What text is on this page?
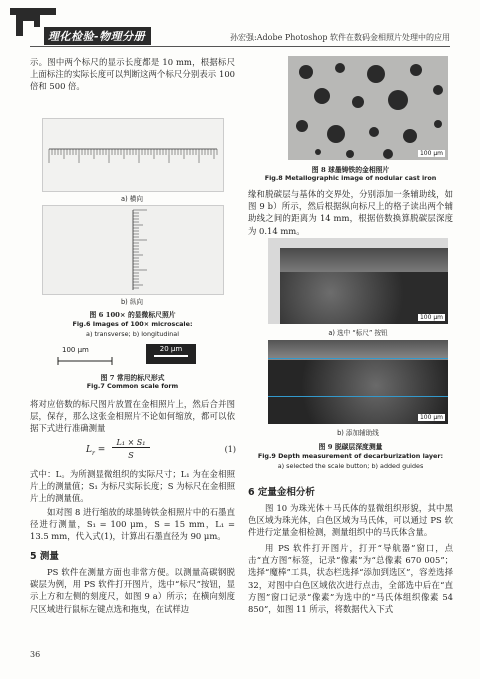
理化检验-物理分册	孙宏强:Adobe Photoshop 软件在数码金相照片处理中的应用

示。图中两个标尺的显示长度都是 10 mm，根据标尺上面标注的实际长度可以判断这两个标尺分别表示 100 倍和 500 倍。

a) 横向
b) 纵向
图 6 100× 的显微标尺照片
Fig.6 Images of 100× microscale:
a) transverse; b) longitudinal
100 μm	20 μm
图 7 常用的标尺形式
Fig.7 Common scale form

将对应倍数的标尺图片放置在金相照片上，然后合并图层，保存，那么这张金相照片不论如何缩放，都可以依据下式进行准确测量

$L_r$ =
L₁ × S₁
S
(1)

式中：L。为所测显微组织的实际尺寸；L₁ 为在金相照片上的测量值；S₁ 为标尺实际长度；S 为标尺在金相照片上的测量值。

如对图 8 进行缩放的球墨铸铁金相照片中的石墨直径进行测量，S₁ = 100 μm，S = 15 mm，L₁ = 13.5 mm，代入式(1)，计算出石墨直径为 90 μm。

5 测量

PS 软件在测量方面也非常方便。以测量高碳钢脱碳层为例，用 PS 软件打开图片，选中“标尺”按钮，显示上方和左侧的刻度尺，如图 9 a）所示；在横向刻度尺区域进行鼠标左键点选和拖曳，在试样边

36
100 μm
图 8 球墨铸铁的金相照片
Fig.8 Metallographic image of nodular cast iron

缘和脱碳层与基体的交界处，分别添加一条辅助线，如图 9 b）所示，然后根据纵向标尺上的格子读出两个辅助线之间的距离为 14 mm，根据倍数换算脱碳层深度为 0.14 mm。

100 μm
a) 选中 “标尺” 按钮
100 μm
b) 添加辅助线
图 9 脱碳层深度测量
Fig.9 Depth measurement of decarburization layer:
a) selected the scale button; b) added guides
6 定量金相分析

图 10 为珠光体＋马氏体的显微组织形貌，其中黑色区域为珠光体，白色区域为马氏体，可以通过 PS 软件进行定量金相检测，测量组织中的马氏体含量。

用 PS 软件打开图片，打开“导航器”窗口，点击“直方图”标签，记录“像素”为“总像素 670 005”；选择“魔棒”工具，状态栏选择“添加到选区”，容差选择 32，对图中白色区域依次进行点击，全部选中后在“直方图”窗口记录“像素”为选中的“马氏体组织像素 54 850”，如图 11 所示，将数据代入下式
